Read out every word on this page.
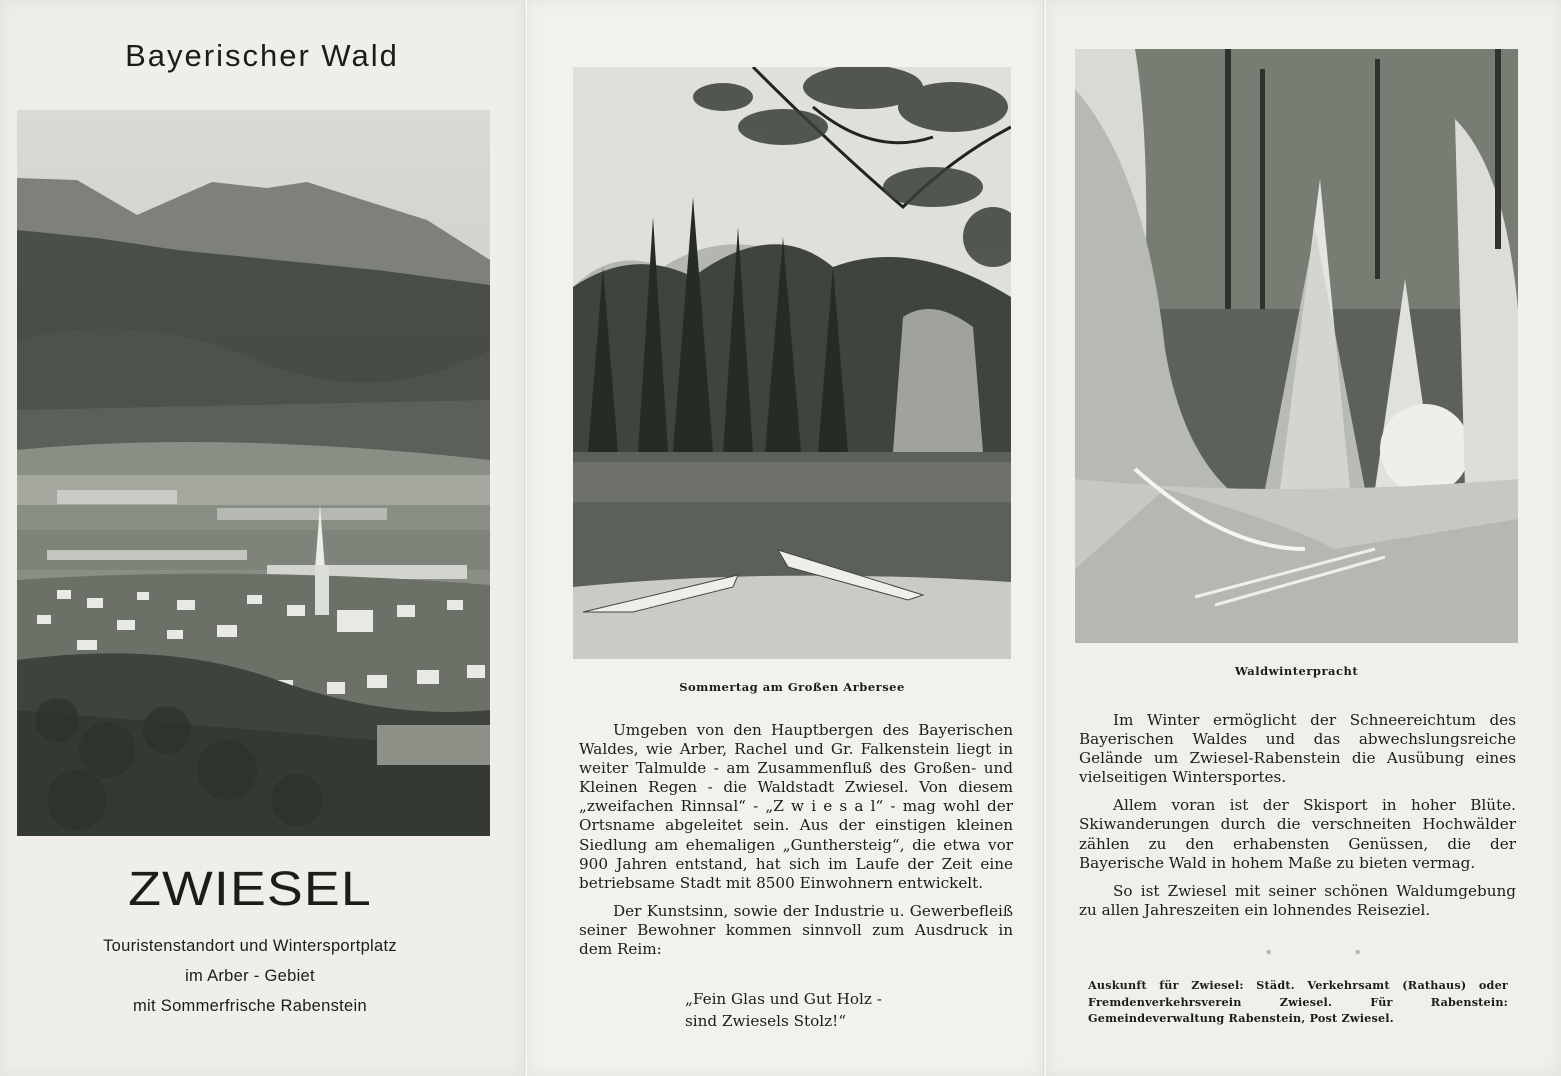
Bayerischer Wald
ZWIESEL
Touristenstandort und Wintersportplatz
im Arber - Gebiet
mit Sommerfrische Rabenstein
Sommertag am Großen Arbersee

Umgeben von den Hauptbergen des Bayerischen Waldes, wie Arber, Rachel und Gr. Falkenstein liegt in weiter Talmulde - am Zusammenfluß des Großen- und Kleinen Regen - die Waldstadt Zwiesel. Von diesem „zweifachen Rinnsal“ - „Z w i e s a l“ - mag wohl der Ortsname abgeleitet sein. Aus der einstigen kleinen Siedlung am ehemaligen „Gunthersteig“, die etwa vor 900 Jahren entstand, hat sich im Laufe der Zeit eine betriebsame Stadt mit 8500 Einwohnern entwickelt.

Der Kunstsinn, sowie der Industrie u. Gewerbefleiß seiner Bewohner kommen sinnvoll zum Ausdruck in dem Reim:

„Fein Glas und Gut Holz -
sind Zwiesels Stolz!“
Waldwinterpracht

Im Winter ermöglicht der Schneereichtum des Bayerischen Waldes und das abwechslungsreiche Gelände um Zwiesel-Rabenstein die Ausübung eines vielseitigen Wintersportes.

Allem voran ist der Skisport in hoher Blüte. Skiwanderungen durch die verschneiten Hochwälder zählen zu den erhabensten Genüssen, die der Bayerische Wald in hohem Maße zu bieten vermag.

So ist Zwiesel mit seiner schönen Waldumgebung zu allen Jahreszeiten ein lohnendes Reiseziel.

* *
Auskunft für Zwiesel: Städt. Verkehrsamt (Rathaus) oder Fremdenverkehrsverein Zwiesel. Für Rabenstein: Gemeindeverwaltung Rabenstein, Post Zwiesel.
